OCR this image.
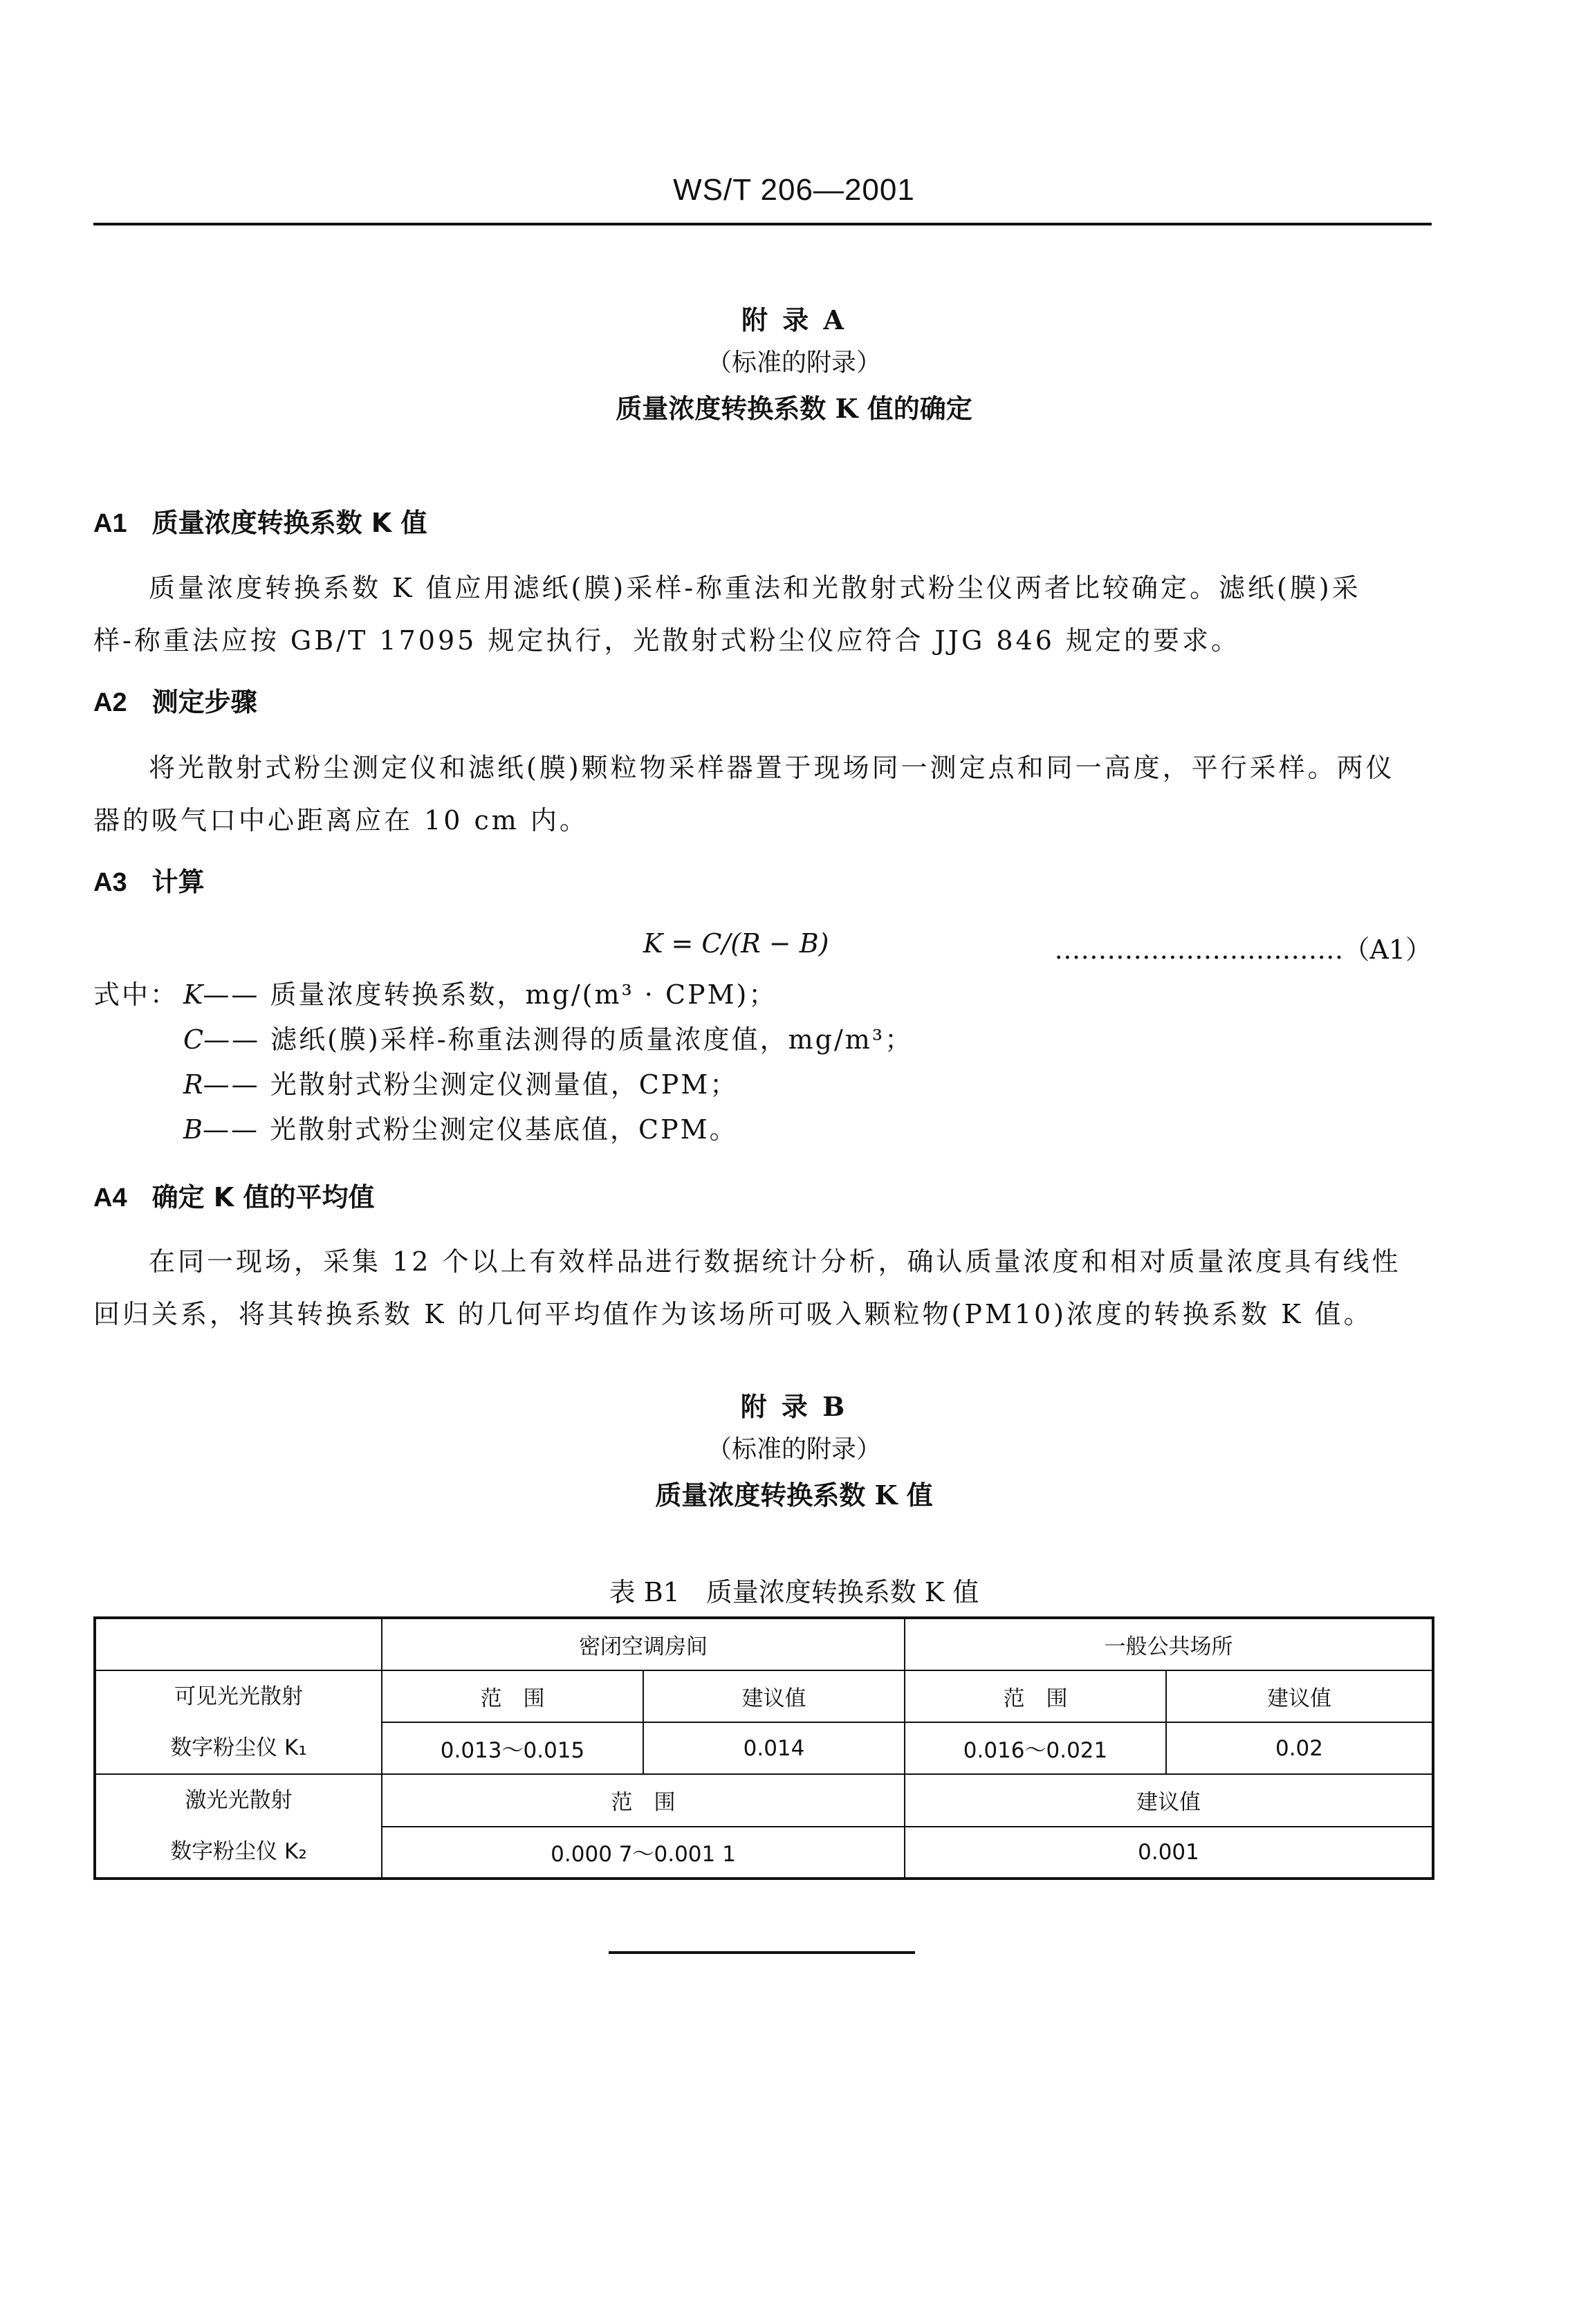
WS/T 206—2001
附 录 A
（标准的附录）
质量浓度转换系数 K 值的确定
A1 质量浓度转换系数 K 值
质量浓度转换系数 K 值应用滤纸(膜)采样-称重法和光散射式粉尘仪两者比较确定。滤纸(膜)采
样-称重法应按 GB/T 17095 规定执行，光散射式粉尘仪应符合 JJG 846 规定的要求。
A2 测定步骤
将光散射式粉尘测定仪和滤纸(膜)颗粒物采样器置于现场同一测定点和同一高度，平行采样。两仪
器的吸气口中心距离应在 10 cm 内。
A3 计算
K = C/(R − B)	……………………………（A1）
式中： K—— 质量浓度转换系数，mg/(m³ · CPM)；
C—— 滤纸(膜)采样-称重法测得的质量浓度值，mg/m³；
R—— 光散射式粉尘测定仪测量值，CPM；
B—— 光散射式粉尘测定仪基底值，CPM。
A4 确定 K 值的平均值
在同一现场，采集 12 个以上有效样品进行数据统计分析，确认质量浓度和相对质量浓度具有线性
回归关系，将其转换系数 K 的几何平均值作为该场所可吸入颗粒物(PM10)浓度的转换系数 K 值。
附 录 B
（标准的附录）
质量浓度转换系数 K 值
表 B1　质量浓度转换系数 K 值
	密闭空调房间		一般公共场所	

可见光光散射
数字粉尘仪 K₁	范　围	建议值	范　围	建议值
	0.013～0.015	0.014	0.016～0.021	0.02

激光光散射
数字粉尘仪 K₂	范　围		建议值	
	0.000 7～0.001 1		0.001	
